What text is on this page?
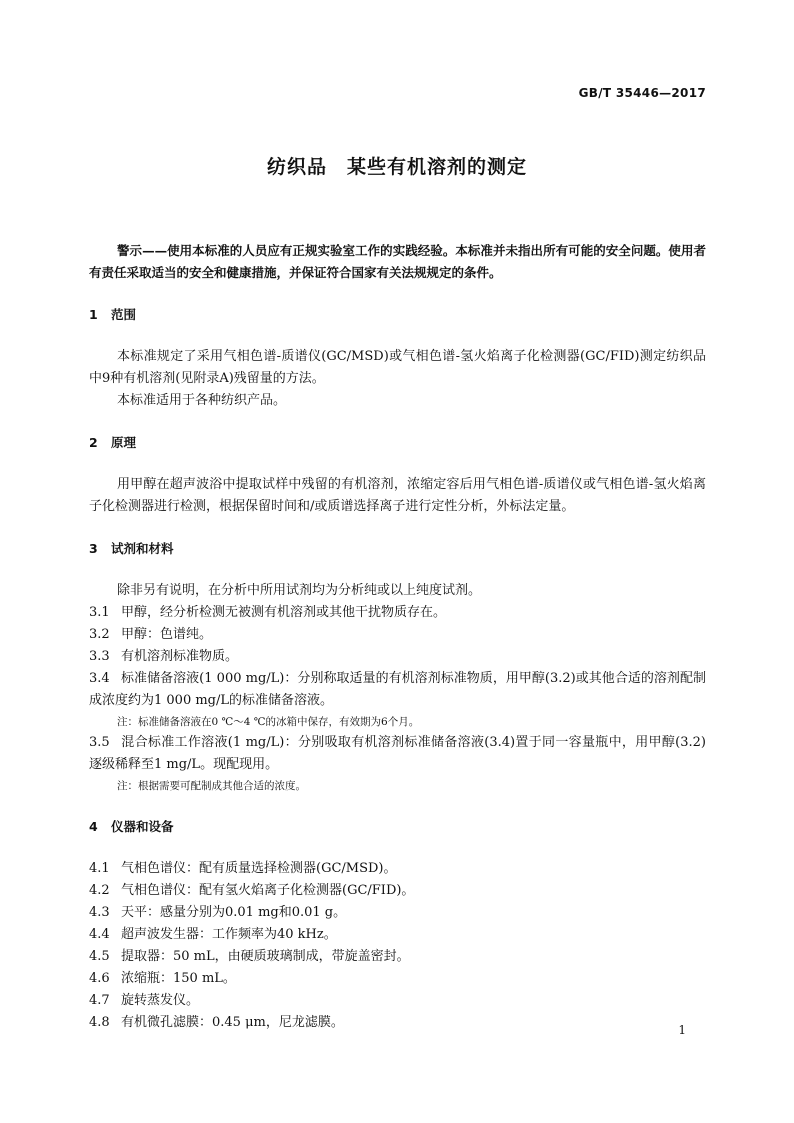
GB/T 35446—2017
纺织品　某些有机溶剂的测定

警示——使用本标准的人员应有正规实验室工作的实践经验。本标准并未指出所有可能的安全问题。使用者有责任采取适当的安全和健康措施，并保证符合国家有关法规规定的条件。

1 范围

本标准规定了采用气相色谱-质谱仪(GC/MSD)或气相色谱-氢火焰离子化检测器(GC/FID)测定纺织品中9种有机溶剂(见附录A)残留量的方法。

本标准适用于各种纺织产品。

2 原理

用甲醇在超声波浴中提取试样中残留的有机溶剂，浓缩定容后用气相色谱-质谱仪或气相色谱-氢火焰离子化检测器进行检测，根据保留时间和/或质谱选择离子进行定性分析，外标法定量。

3 试剂和材料

除非另有说明，在分析中所用试剂均为分析纯或以上纯度试剂。

3.1 甲醇，经分析检测无被测有机溶剂或其他干扰物质存在。

3.2 甲醇：色谱纯。

3.3 有机溶剂标准物质。

3.4 标准储备溶液(1 000 mg/L)：分别称取适量的有机溶剂标准物质，用甲醇(3.2)或其他合适的溶剂配制成浓度约为1 000 mg/L的标准储备溶液。

注：标准储备溶液在0 ℃～4 ℃的冰箱中保存，有效期为6个月。

3.5 混合标准工作溶液(1 mg/L)：分别吸取有机溶剂标准储备溶液(3.4)置于同一容量瓶中，用甲醇(3.2)逐级稀释至1 mg/L。现配现用。

注：根据需要可配制成其他合适的浓度。

4 仪器和设备

4.1 气相色谱仪：配有质量选择检测器(GC/MSD)。

4.2 气相色谱仪：配有氢火焰离子化检测器(GC/FID)。

4.3 天平：感量分别为0.01 mg和0.01 g。

4.4 超声波发生器：工作频率为40 kHz。

4.5 提取器：50 mL，由硬质玻璃制成，带旋盖密封。

4.6 浓缩瓶：150 mL。

4.7 旋转蒸发仪。

4.8 有机微孔滤膜：0.45 μm，尼龙滤膜。	1
